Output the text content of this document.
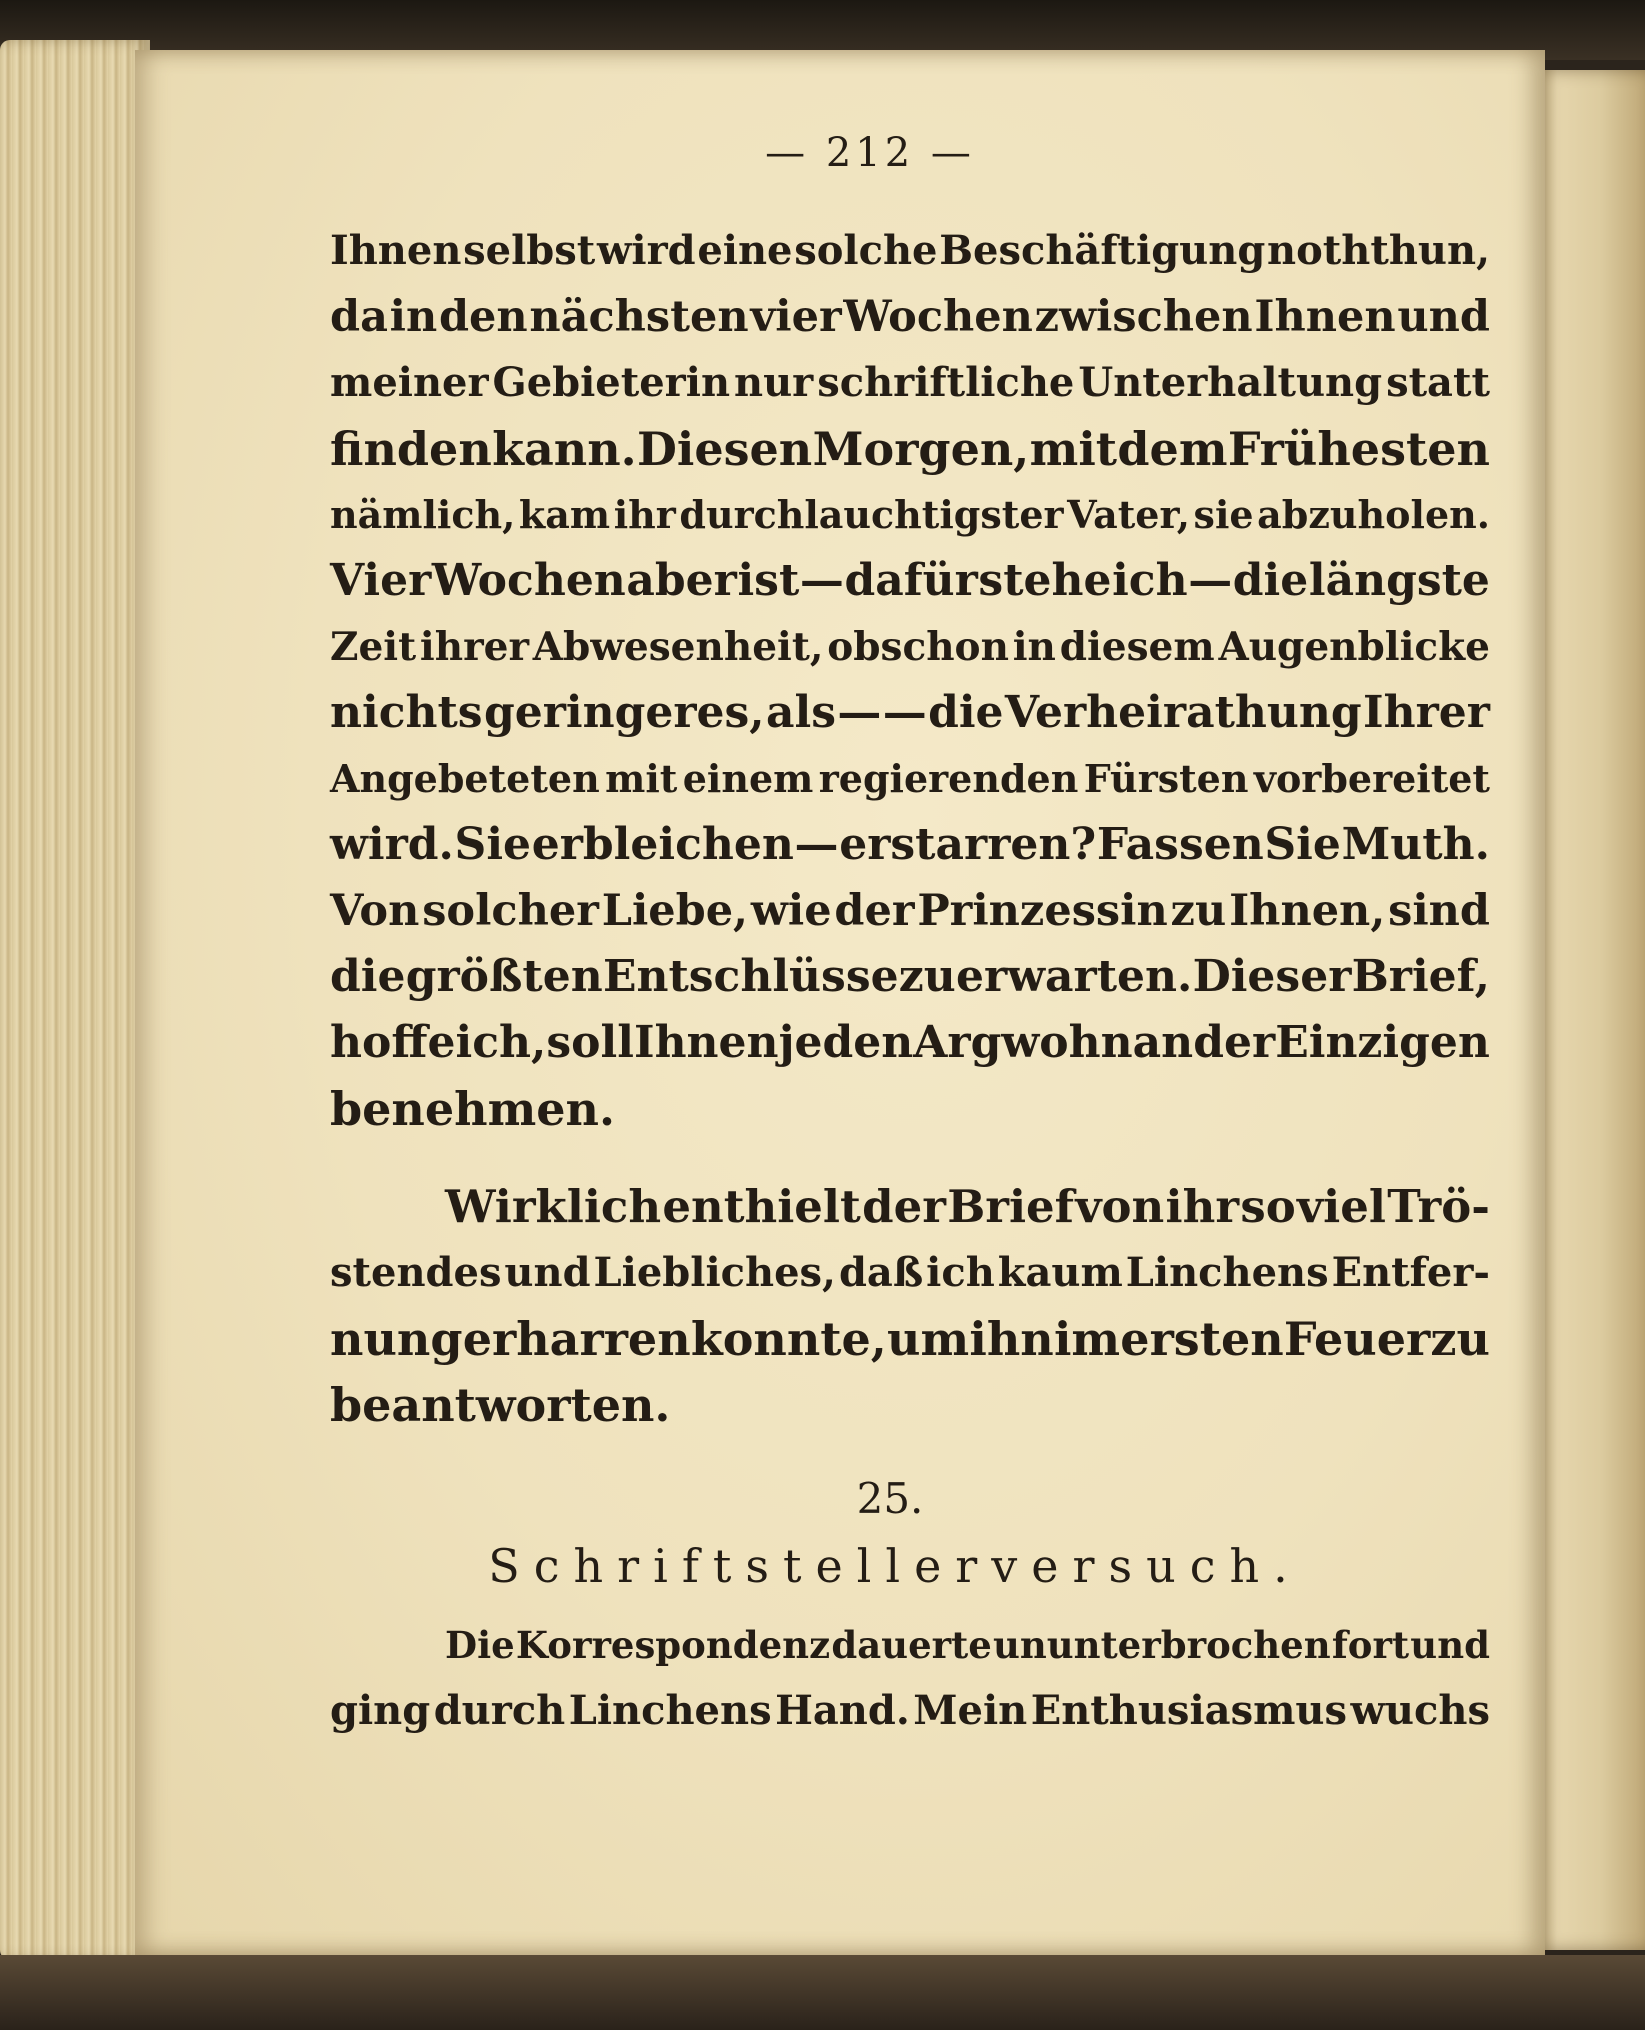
— 212 —
Ihnen selbst wird eine solche Beschäftigung noththun,
da in den nächsten vier Wochen zwischen Ihnen und
meiner Gebieterin nur schriftliche Unterhaltung statt
finden kann. Diesen Morgen, mit dem Frühesten
nämlich, kam ihr durchlauchtigster Vater, sie abzuholen.
Vier Wochen aber ist — dafür stehe ich — die längste
Zeit ihrer Abwesenheit, obschon in diesem Augenblicke
nichts geringeres, als — — die Verheirathung Ihrer
Angebeteten mit einem regierenden Fürsten vorbereitet
wird. Sie erbleichen — erstarren? Fassen Sie Muth.
Von solcher Liebe, wie der Prinzessin zu Ihnen, sind
die größten Entschlüsse zu erwarten. Dieser Brief,
hoffe ich, soll Ihnen jeden Argwohn an der Einzigen
benehmen.
Wirklich enthielt der Brief von ihr so viel Trö-
stendes und Liebliches, daß ich kaum Linchens Entfer-
nung erharren konnte, um ihn im ersten Feuer zu
beantworten.
25.
Schriftstellerversuch.
Die Korrespondenz dauerte ununterbrochen fort und
ging durch Linchens Hand. Mein Enthusiasmus wuchs
